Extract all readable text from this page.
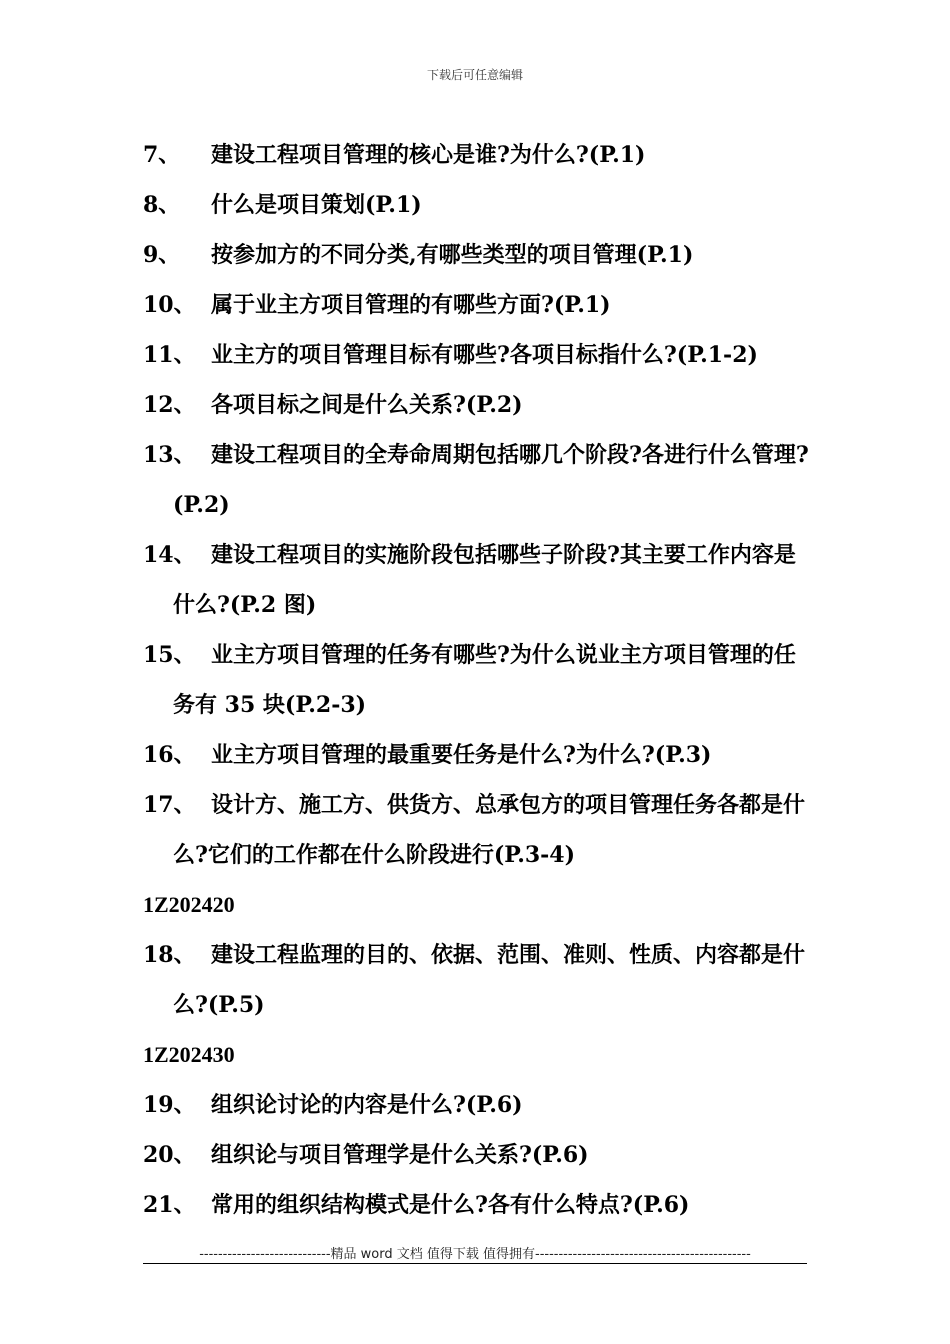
下载后可任意编辑
7、 建设工程项目管理的核心是谁?为什么?(P.1)
8、 什么是项目策划(P.1)
9、 按参加方的不同分类,有哪些类型的项目管理(P.1)
10、 属于业主方项目管理的有哪些方面?(P.1)
11、 业主方的项目管理目标有哪些?各项目标指什么?(P.1-2)
12、 各项目标之间是什么关系?(P.2)
13、 建设工程项目的全寿命周期包括哪几个阶段?各进行什么管理?(P.2)
14、 建设工程项目的实施阶段包括哪些子阶段?其主要工作内容是什么?(P.2 图)
15、 业主方项目管理的任务有哪些?为什么说业主方项目管理的任务有 35 块(P.2-3)
16、 业主方项目管理的最重要任务是什么?为什么?(P.3)
17、 设计方、施工方、供货方、总承包方的项目管理任务各都是什么?它们的工作都在什么阶段进行(P.3-4)
1Z202420
18、 建设工程监理的目的、依据、范围、准则、性质、内容都是什么?(P.5)
1Z202430
19、 组织论讨论的内容是什么?(P.6)
20、 组织论与项目管理学是什么关系?(P.6)
21、 常用的组织结构模式是什么?各有什么特点?(P.6)
----------------------------精品 word 文档 值得下载 值得拥有----------------------------------------------
